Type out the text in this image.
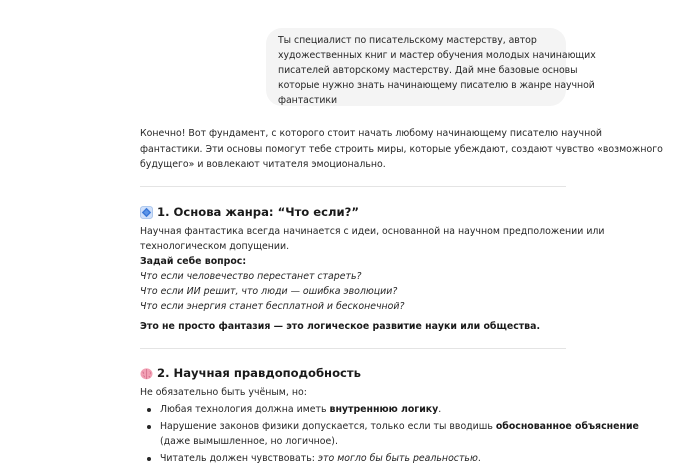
Ты специалист по писательскому мастерству, автор
художественных книг и мастер обучения молодых начинающих
писателей авторскому мастерству. Дай мне базовые основы
которые нужно знать начинающему писателю в жанре научной
фантастики

Конечно! Вот фундамент, с которого стоит начать любому начинающему писателю научной
фантастики. Эти основы помогут тебе строить миры, которые убеждают, создают чувство «возможного
будущего» и вовлекают читателя эмоционально.

1. Основа жанра: “Что если?”
Научная фантастика всегда начинается с идеи, основанной на научном предположении или
технологическом допущении.
Задай себе вопрос:
Что если человечество перестанет стареть?
Что если ИИ решит, что люди — ошибка эволюции?
Что если энергия станет бесплатной и бесконечной?
Это не просто фантазия — это логическое развитие науки или общества.
2. Научная правдоподобность
Не обязательно быть учёным, но:
Любая технология должна иметь внутреннюю логику.
Нарушение законов физики допускается, только если ты вводишь обоснованное объяснение
(даже вымышленное, но логичное).
Читатель должен чувствовать: это могло бы быть реальностью.
